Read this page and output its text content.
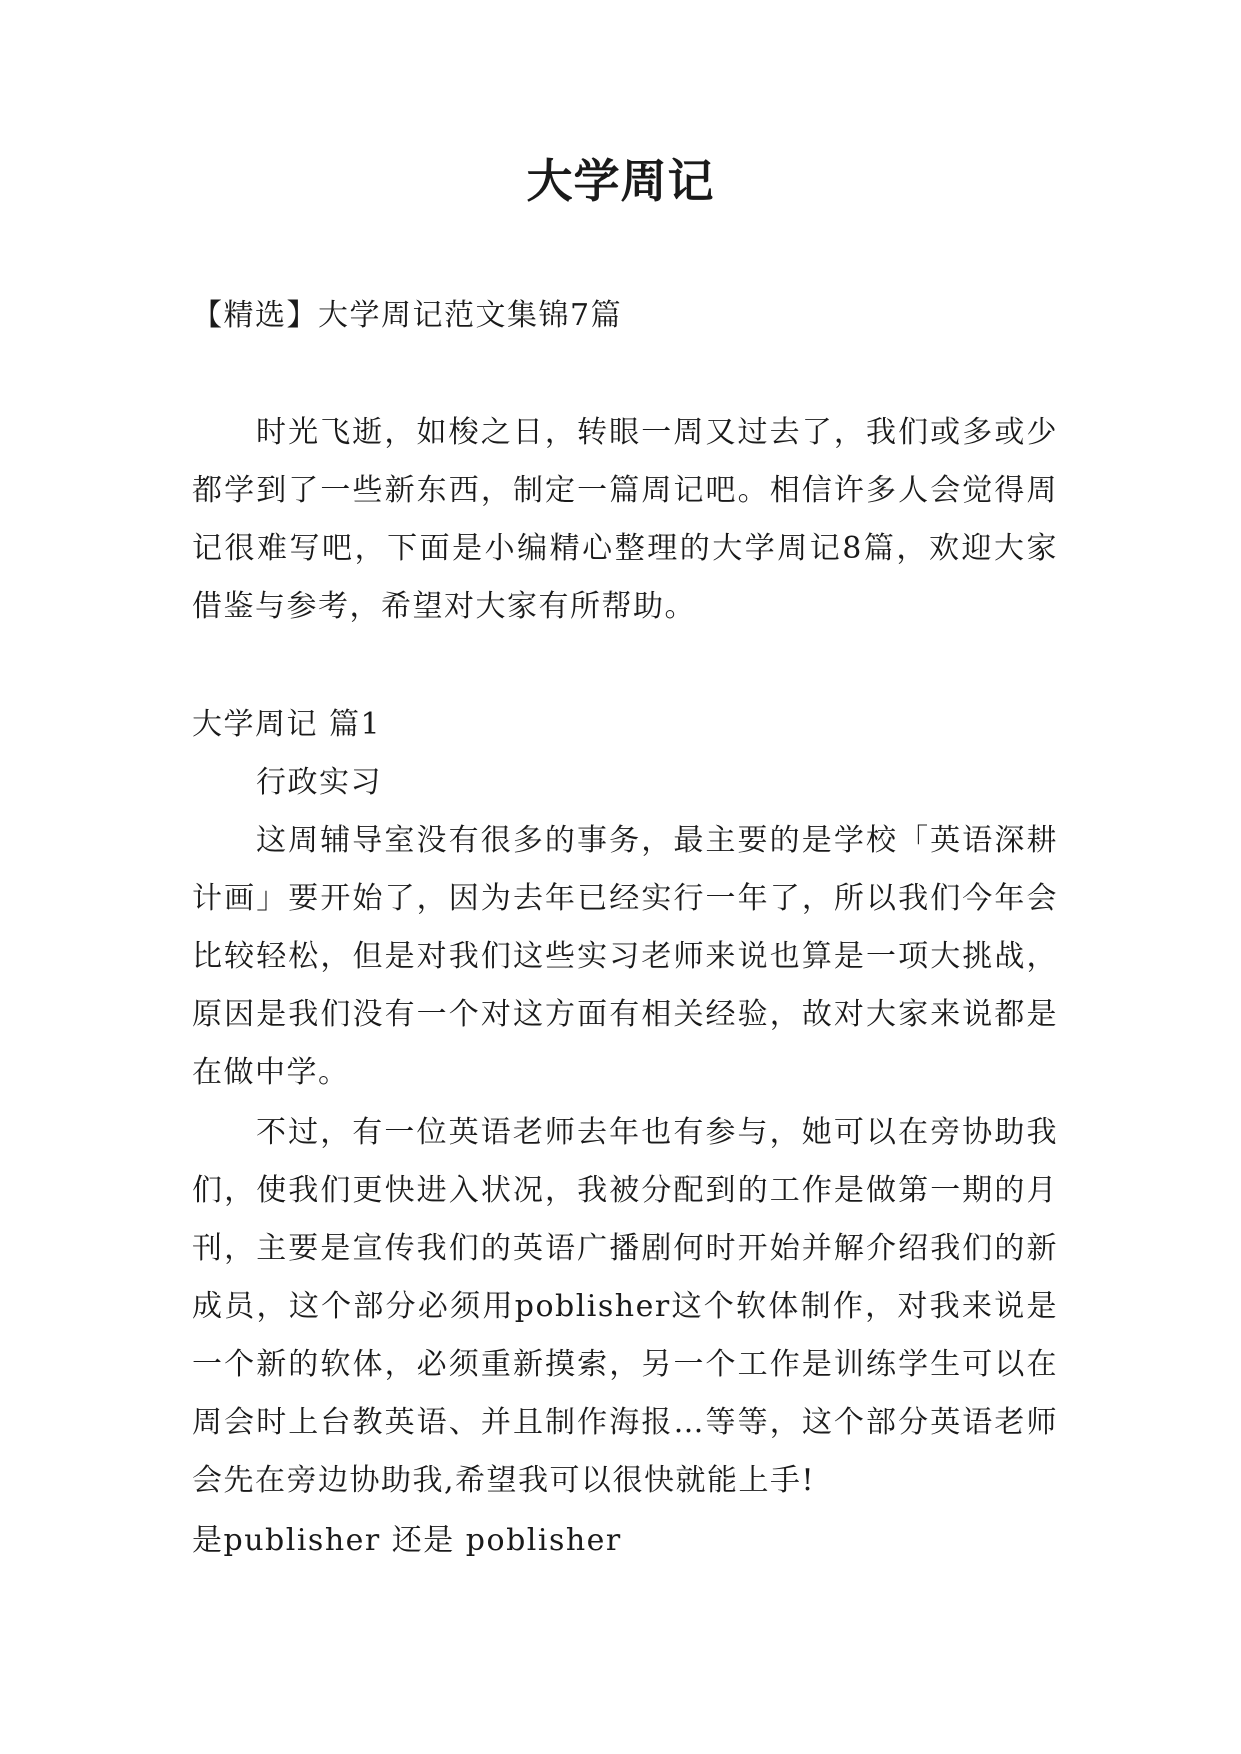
大学周记

【精选】大学周记范文集锦7篇

时光飞逝，如梭之日，转眼一周又过去了，我们或多或少都学到了一些新东西，制定一篇周记吧。相信许多人会觉得周记很难写吧，下面是小编精心整理的大学周记8篇，欢迎大家借鉴与参考，希望对大家有所帮助。

大学周记 篇1

行政实习

这周辅导室没有很多的事务，最主要的是学校「英语深耕计画」要开始了，因为去年已经实行一年了，所以我们今年会比较轻松，但是对我们这些实习老师来说也算是一项大挑战，原因是我们没有一个对这方面有相关经验，故对大家来说都是在做中学。

不过，有一位英语老师去年也有参与，她可以在旁协助我们，使我们更快进入状况，我被分配到的工作是做第一期的月刊，主要是宣传我们的英语广播剧何时开始并解介绍我们的新成员，这个部分必须用poblisher这个软体制作，对我来说是一个新的软体，必须重新摸索，另一个工作是训练学生可以在周会时上台教英语、并且制作海报…等等，这个部分英语老师会先在旁边协助我,希望我可以很快就能上手!

是publisher 还是 poblisher
